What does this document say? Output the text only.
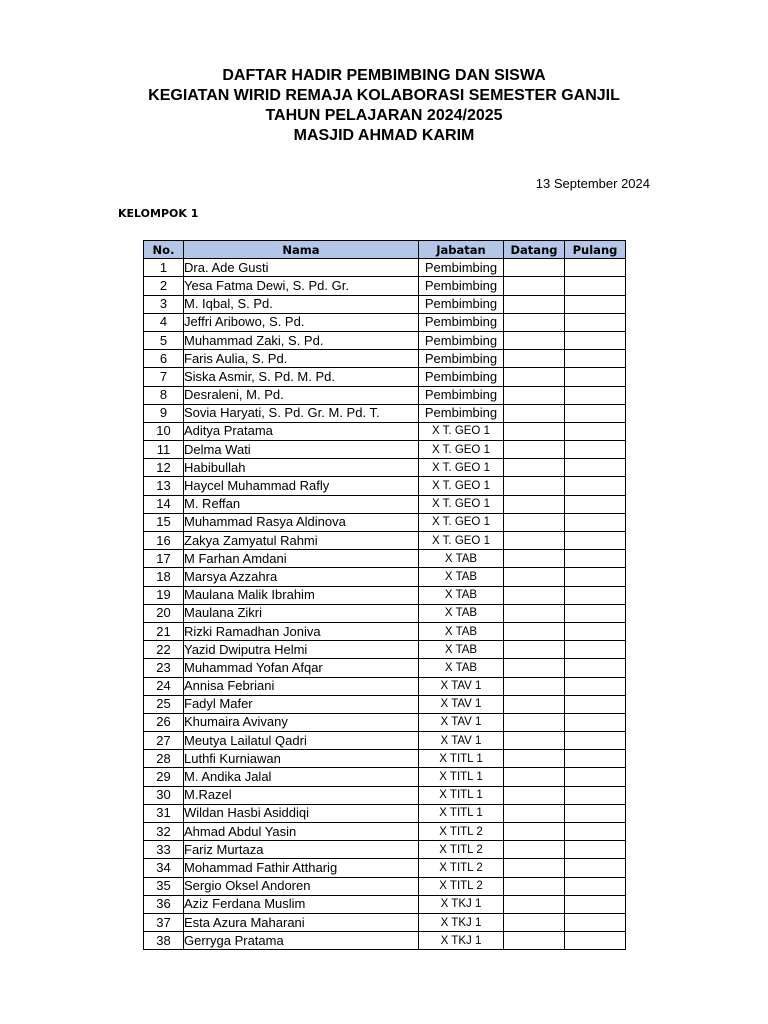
DAFTAR HADIR PEMBIMBING DAN SISWA
KEGIATAN WIRID REMAJA KOLABORASI SEMESTER GANJIL
TAHUN PELAJARAN 2024/2025
MASJID AHMAD KARIM
13 September 2024
KELOMPOK 1
No.	Nama	Jabatan	Datang	Pulang
1	Dra. Ade Gusti	Pembimbing		
2	Yesa Fatma Dewi, S. Pd. Gr.	Pembimbing		
3	M. Iqbal, S. Pd.	Pembimbing		
4	Jeffri Aribowo, S. Pd.	Pembimbing		
5	Muhammad Zaki, S. Pd.	Pembimbing		
6	Faris Aulia, S. Pd.	Pembimbing		
7	Siska Asmir, S. Pd. M. Pd.	Pembimbing		
8	Desraleni, M. Pd.	Pembimbing		
9	Sovia Haryati, S. Pd. Gr. M. Pd. T.	Pembimbing		
10	Aditya Pratama	X T. GEO 1		
11	Delma Wati	X T. GEO 1		
12	Habibullah	X T. GEO 1		
13	Haycel Muhammad Rafly	X T. GEO 1		
14	M. Reffan	X T. GEO 1		
15	Muhammad Rasya Aldinova	X T. GEO 1		
16	Zakya Zamyatul Rahmi	X T. GEO 1		
17	M Farhan Amdani	X TAB		
18	Marsya Azzahra	X TAB		
19	Maulana Malik Ibrahim	X TAB		
20	Maulana Zikri	X TAB		
21	Rizki Ramadhan Joniva	X TAB		
22	Yazid Dwiputra Helmi	X TAB		
23	Muhammad Yofan Afqar	X TAB		
24	Annisa Febriani	X TAV 1		
25	Fadyl Mafer	X TAV 1		
26	Khumaira Avivany	X TAV 1		
27	Meutya Lailatul Qadri	X TAV 1		
28	Luthfi Kurniawan	X TITL 1		
29	M. Andika Jalal	X TITL 1		
30	M.Razel	X TITL 1		
31	Wildan Hasbi Asiddiqi	X TITL 1		
32	Ahmad Abdul Yasin	X TITL 2		
33	Fariz Murtaza	X TITL 2		
34	Mohammad Fathir Attharig	X TITL 2		
35	Sergio Oksel Andoren	X TITL 2		
36	Aziz Ferdana Muslim	X TKJ 1		
37	Esta Azura Maharani	X TKJ 1		
38	Gerryga Pratama	X TKJ 1		
